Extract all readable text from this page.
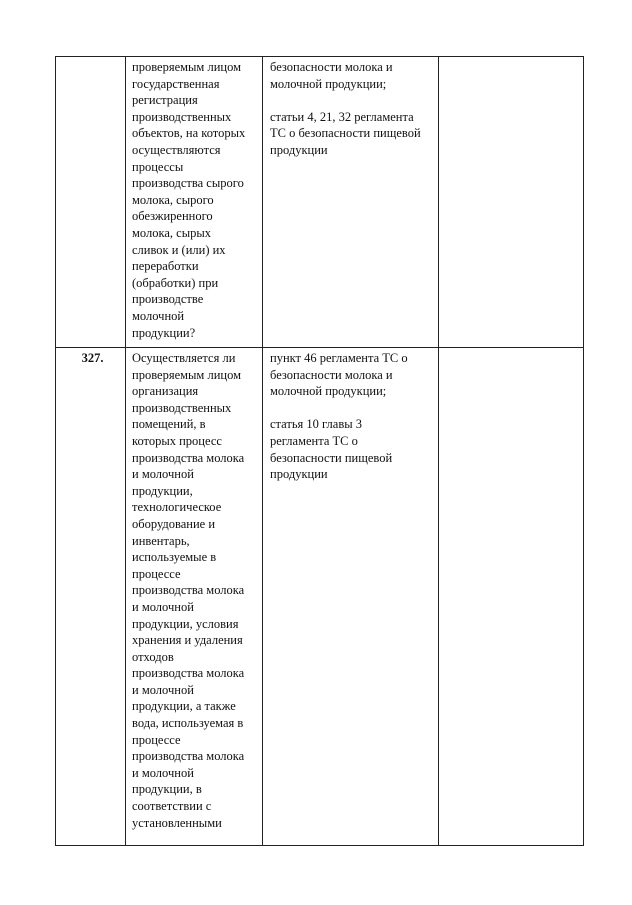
проверяемым лицом
государственная
регистрация
производственных
объектов, на которых
осуществляются
процессы
производства сырого
молока, сырого
обезжиренного
молока, сырых
сливок и (или) их
переработки
(обработки) при
производстве
молочной
продукции?
безопасности молока и
молочной продукции;

статьи 4, 21, 32 регламента
ТС о безопасности пищевой
продукции
327.	Осуществляется ли
проверяемым лицом
организация
производственных
помещений, в
которых процесс
производства молока
и молочной
продукции,
технологическое
оборудование и
инвентарь,
используемые в
процессе
производства молока
и молочной
продукции, условия
хранения и удаления
отходов
производства молока
и молочной
продукции, а также
вода, используемая в
процессе
производства молока
и молочной
продукции, в
соответствии с
установленными
пункт 46 регламента ТС о
безопасности молока и
молочной продукции;

статья 10 главы 3
регламента ТС о
безопасности пищевой
продукции
